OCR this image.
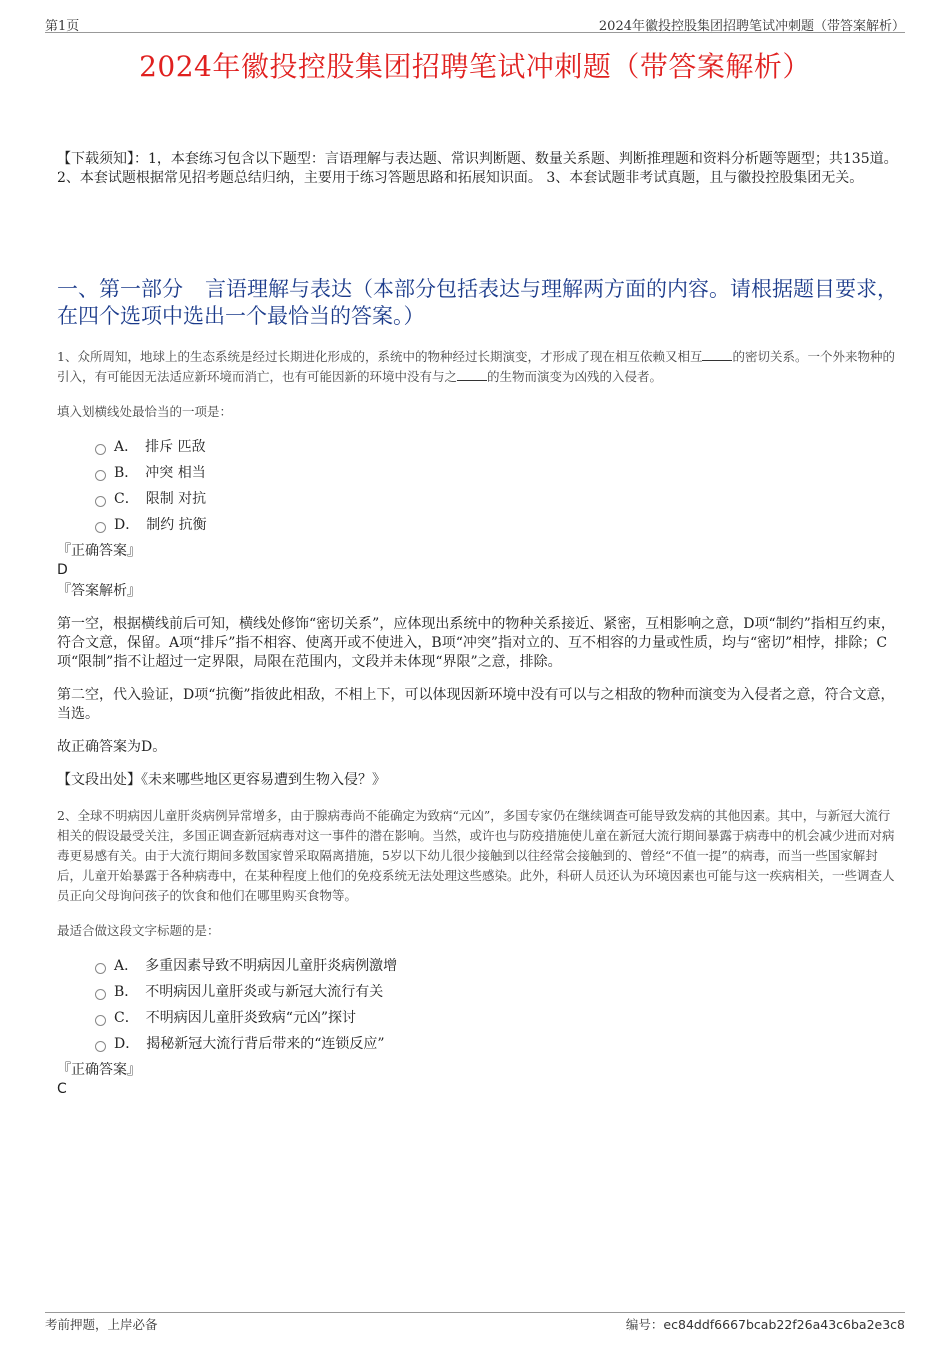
第1页	2024年徽投控股集团招聘笔试冲刺题（带答案解析）
2024年徽投控股集团招聘笔试冲刺题（带答案解析）
【下载须知】：1，本套练习包含以下题型：言语理解与表达题、常识判断题、数量关系题、判断推理题和资料分析题等题型；共135道。 2、本套试题根据常见招考题总结归纳，主要用于练习答题思路和拓展知识面。 3、本套试题非考试真题，且与徽投控股集团无关。
一、第一部分 言语理解与表达（本部分包括表达与理解两方面的内容。请根据题目要求，在四个选项中选出一个最恰当的答案。）
1、众所周知，地球上的生态系统是经过长期进化形成的，系统中的物种经过长期演变，才形成了现在相互依赖又相互 的密切关系。一个外来物种的引入，有可能因无法适应新环境而消亡，也有可能因新的环境中没有与之 的生物而演变为凶残的入侵者。
填入划横线处最恰当的一项是：
A． 排斥 匹敌
B． 冲突 相当
C． 限制 对抗
D． 制约 抗衡
『正确答案』
D
『答案解析』
第一空，根据横线前后可知，横线处修饰“密切关系”，应体现出系统中的物种关系接近、紧密，互相影响之意，D项“制约”指相互约束，符合文意，保留。A项“排斥”指不相容、使离开或不使进入，B项“冲突”指对立的、互不相容的力量或性质，均与“密切”相悖，排除；C项“限制”指不让超过一定界限，局限在范围内，文段并未体现“界限”之意，排除。
第二空，代入验证，D项“抗衡”指彼此相敌，不相上下，可以体现因新环境中没有可以与之相敌的物种而演变为入侵者之意，符合文意，当选。
故正确答案为D。
【文段出处】《未来哪些地区更容易遭到生物入侵？》
2、全球不明病因儿童肝炎病例异常增多，由于腺病毒尚不能确定为致病“元凶”，多国专家仍在继续调查可能导致发病的其他因素。其中，与新冠大流行相关的假设最受关注，多国正调查新冠病毒对这一事件的潜在影响。当然，或许也与防疫措施使儿童在新冠大流行期间暴露于病毒中的机会减少进而对病毒更易感有关。由于大流行期间多数国家曾采取隔离措施，5岁以下幼儿很少接触到以往经常会接触到的、曾经“不值一提”的病毒，而当一些国家解封后，儿童开始暴露于各种病毒中，在某种程度上他们的免疫系统无法处理这些感染。此外，科研人员还认为环境因素也可能与这一疾病相关，一些调查人员正向父母询问孩子的饮食和他们在哪里购买食物等。
最适合做这段文字标题的是：
A． 多重因素导致不明病因儿童肝炎病例激增
B． 不明病因儿童肝炎或与新冠大流行有关
C． 不明病因儿童肝炎致病“元凶”探讨
D． 揭秘新冠大流行背后带来的“连锁反应”
『正确答案』
C
考前押题，上岸必备	编号：ec84ddf6667bcab22f26a43c6ba2e3c8
